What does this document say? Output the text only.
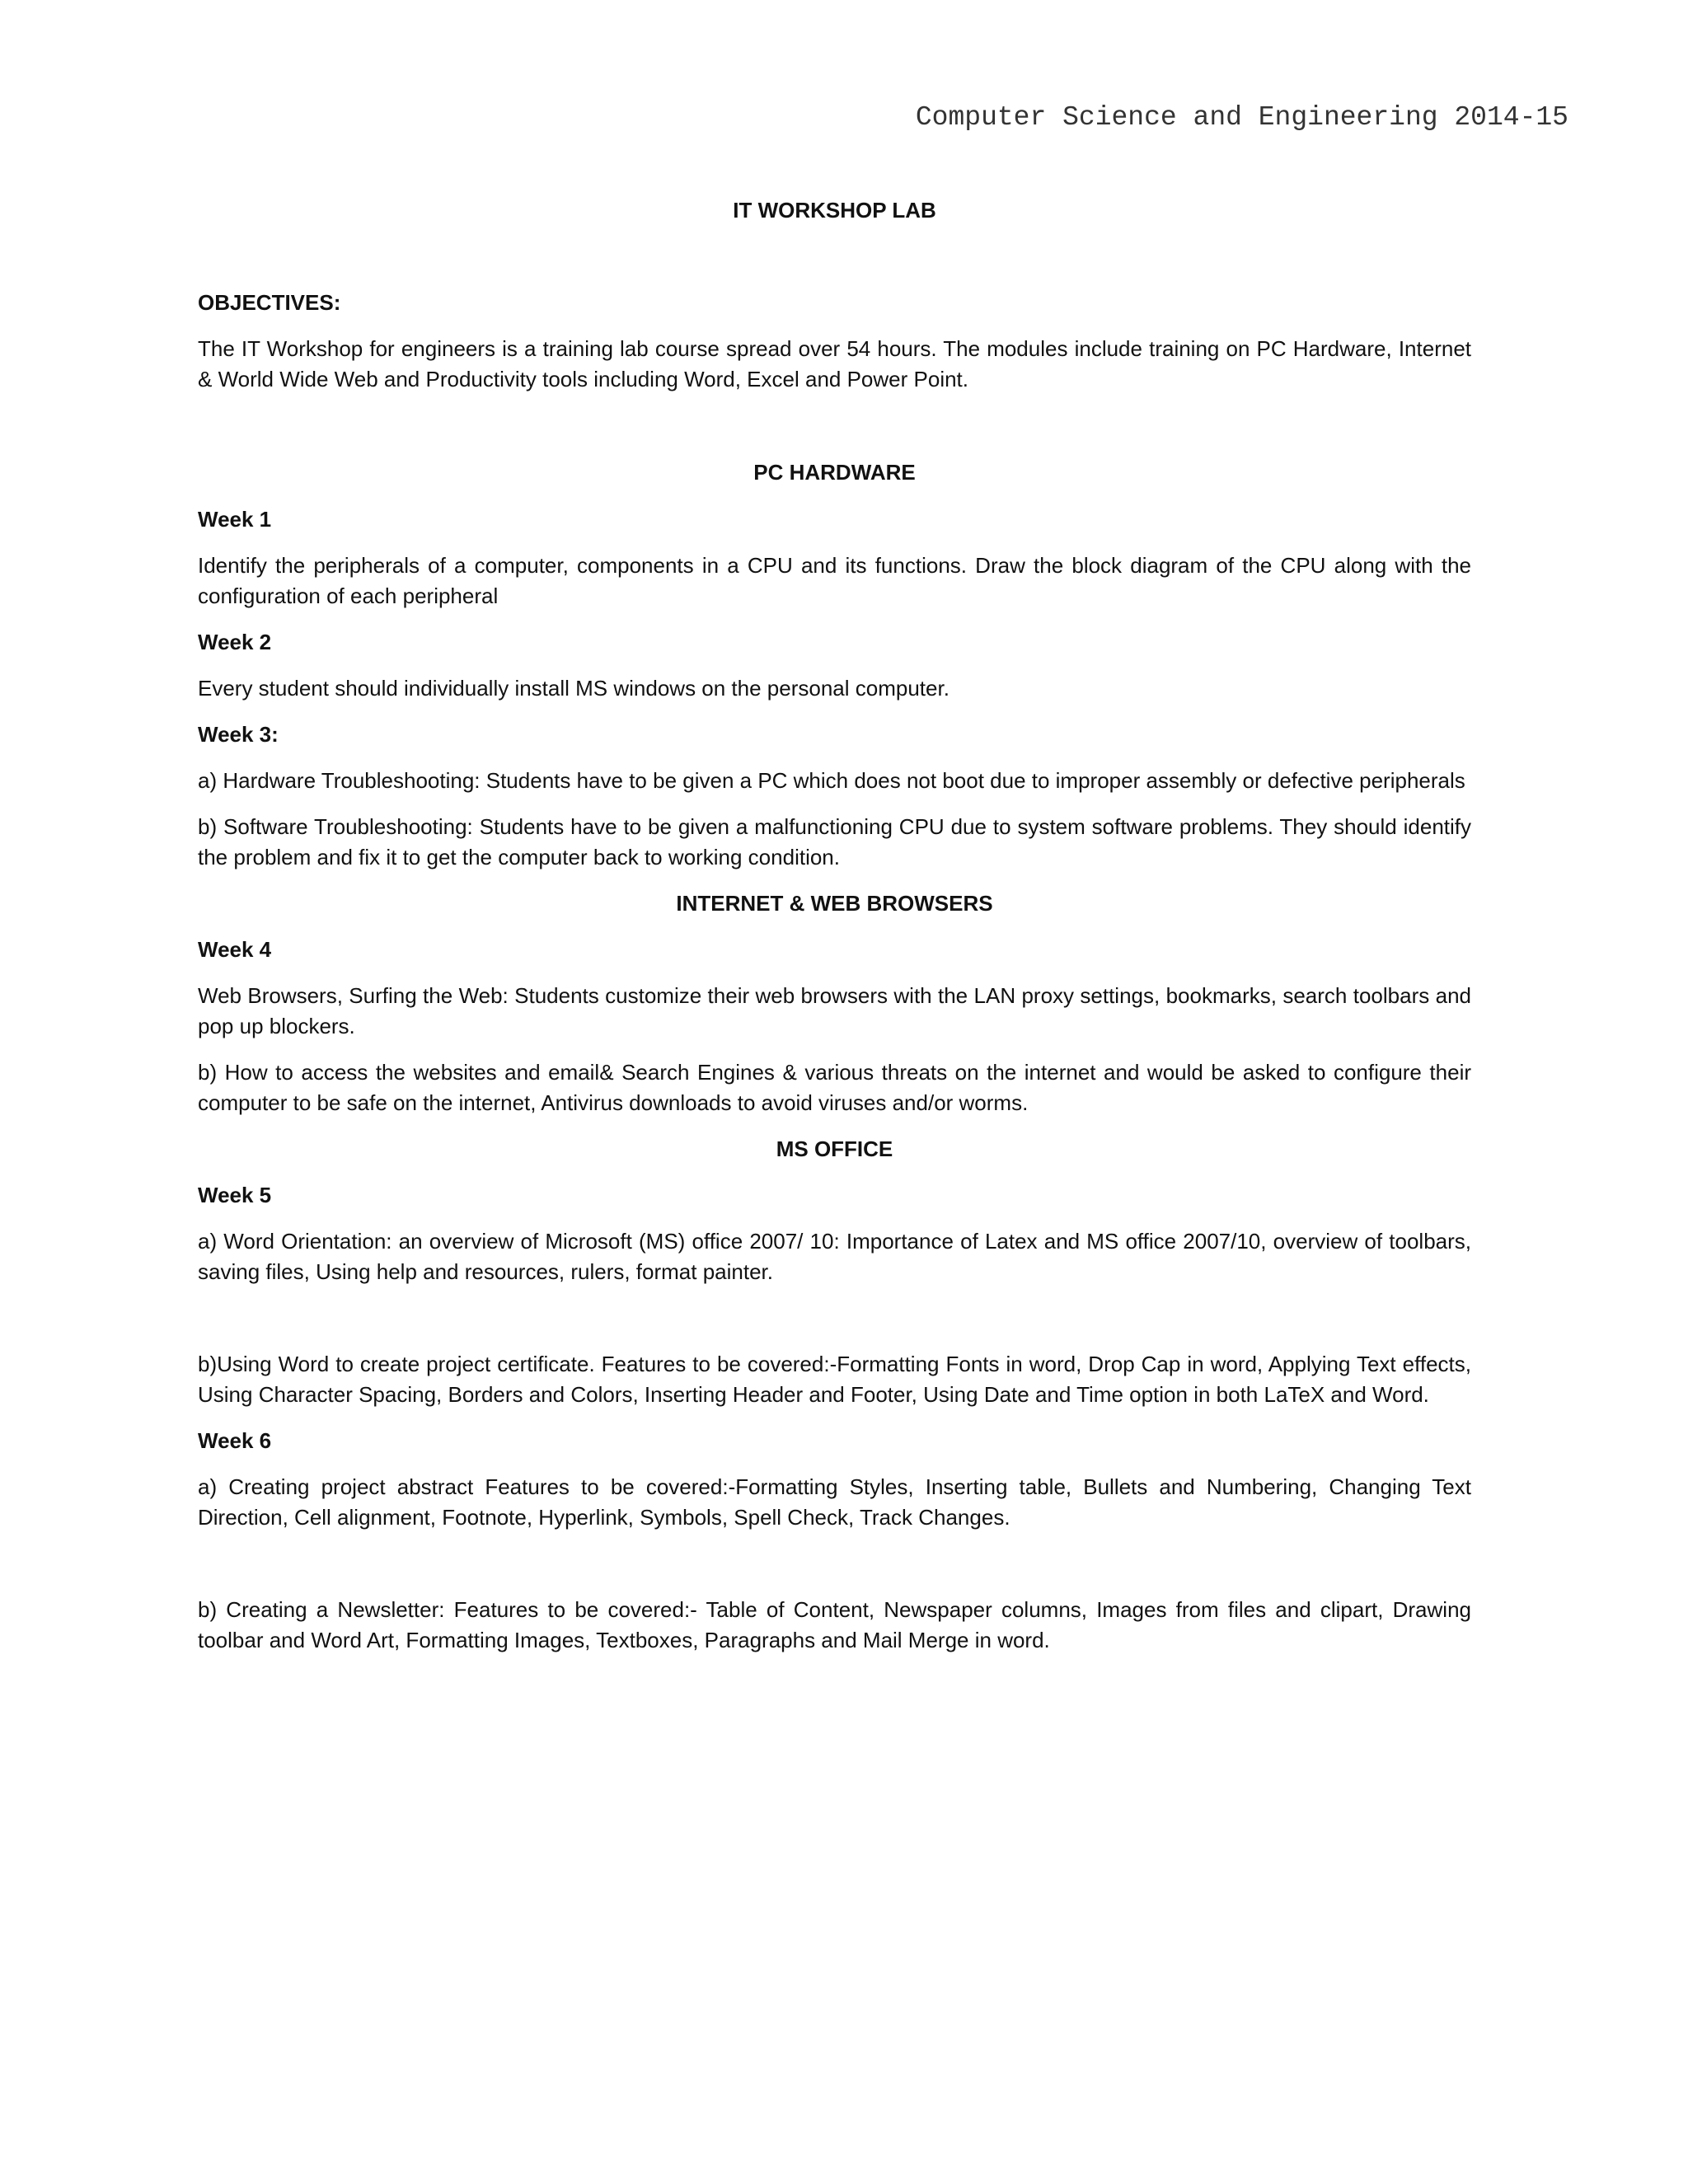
Computer Science and Engineering 2014-15

IT WORKSHOP LAB

OBJECTIVES:

The IT Workshop for engineers is a training lab course spread over 54 hours. The modules include training on PC Hardware, Internet & World Wide Web and Productivity tools including Word, Excel and Power Point.

PC HARDWARE

Week 1

Identify the peripherals of a computer, components in a CPU and its functions. Draw the block diagram of the CPU along with the configuration of each peripheral

Week 2

Every student should individually install MS windows on the personal computer.

Week 3:

a) Hardware Troubleshooting: Students have to be given a PC which does not boot due to improper assembly or defective peripherals

b) Software Troubleshooting: Students have to be given a malfunctioning CPU due to system software problems. They should identify the problem and fix it to get the computer back to working condition.

INTERNET & WEB BROWSERS

Week 4

Web Browsers, Surfing the Web: Students customize their web browsers with the LAN proxy settings, bookmarks, search toolbars and pop up blockers.

b) How to access the websites and email& Search Engines & various threats on the internet and would be asked to configure their computer to be safe on the internet, Antivirus downloads to avoid viruses and/or worms.

MS OFFICE

Week 5

a) Word Orientation: an overview of Microsoft (MS) office 2007/ 10: Importance of Latex and MS office 2007/10, overview of toolbars, saving files, Using help and resources, rulers, format painter.

b)Using Word to create project certificate. Features to be covered:-Formatting Fonts in word, Drop Cap in word, Applying Text effects, Using Character Spacing, Borders and Colors, Inserting Header and Footer, Using Date and Time option in both LaTeX and Word.

Week 6

a) Creating project abstract Features to be covered:-Formatting Styles, Inserting table, Bullets and Numbering, Changing Text Direction, Cell alignment, Footnote, Hyperlink, Symbols, Spell Check, Track Changes.

b) Creating a Newsletter: Features to be covered:- Table of Content, Newspaper columns, Images from files and clipart, Drawing toolbar and Word Art, Formatting Images, Textboxes, Paragraphs and Mail Merge in word.
